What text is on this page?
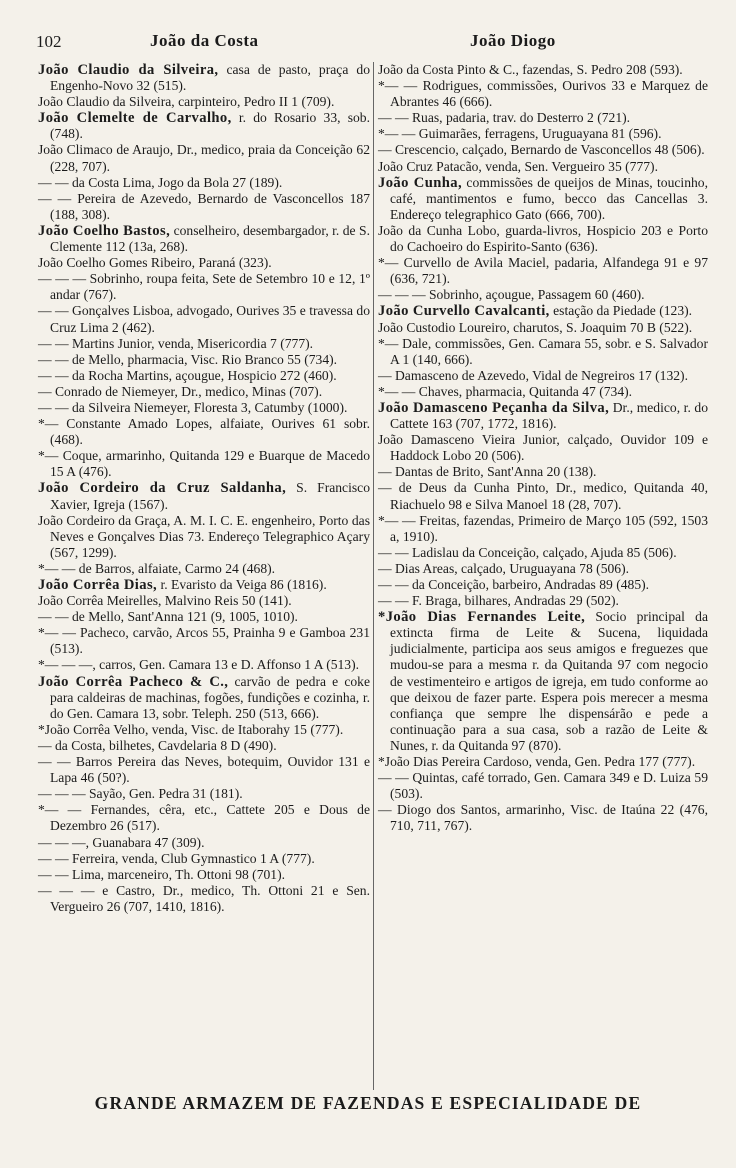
102	João da Costa	João Diogo

João Claudio da Silveira, casa de pasto, praça do Engenho-Novo 32 (515).

João Claudio da Silveira, carpinteiro, Pedro II 1 (709).

João Clemelte de Carvalho, r. do Rosario 33, sob. (748).

João Climaco de Araujo, Dr., medico, praia da Conceição 62 (228, 707).

— — da Costa Lima, Jogo da Bola 27 (189).

— — Pereira de Azevedo, Bernardo de Vasconcellos 187 (188, 308).

João Coelho Bastos, conselheiro, desembargador, r. de S. Clemente 112 (13a, 268).

João Coelho Gomes Ribeiro, Paraná (323).

— — — Sobrinho, roupa feita, Sete de Setembro 10 e 12, 1º andar (767).

— — Gonçalves Lisboa, advogado, Ourives 35 e travessa do Cruz Lima 2 (462).

— — Martins Junior, venda, Misericordia 7 (777).

— — de Mello, pharmacia, Visc. Rio Branco 55 (734).

— — da Rocha Martins, açougue, Hospicio 272 (460).

— Conrado de Niemeyer, Dr., medico, Minas (707).

— — da Silveira Niemeyer, Floresta 3, Catumby (1000).

*— Constante Amado Lopes, alfaiate, Ourives 61 sobr. (468).

*— Coque, armarinho, Quitanda 129 e Buarque de Macedo 15 A (476).

João Cordeiro da Cruz Saldanha, S. Francisco Xavier, Igreja (1567).

João Cordeiro da Graça, A. M. I. C. E. engenheiro, Porto das Neves e Gonçalves Dias 73. Endereço Telegraphico Açary (567, 1299).

*— — de Barros, alfaiate, Carmo 24 (468).

João Corrêa Dias, r. Evaristo da Veiga 86 (1816).

João Corrêa Meirelles, Malvino Reis 50 (141).

— — de Mello, Sant'Anna 121 (9, 1005, 1010).

*— — Pacheco, carvão, Arcos 55, Prainha 9 e Gamboa 231 (513).

*— — —, carros, Gen. Camara 13 e D. Affonso 1 A (513).

João Corrêa Pacheco & C., carvão de pedra e coke para caldeiras de machinas, fogões, fundições e cozinha, r. do Gen. Camara 13, sobr. Teleph. 250 (513, 666).

*João Corrêa Velho, venda, Visc. de Itaborahy 15 (777).

— da Costa, bilhetes, Cavdelaria 8 D (490).

— — Barros Pereira das Neves, botequim, Ouvidor 131 e Lapa 46 (50?).

— — — Sayão, Gen. Pedra 31 (181).

*— — Fernandes, cêra, etc., Cattete 205 e Dous de Dezembro 26 (517).

— — —, Guanabara 47 (309).

— — Ferreira, venda, Club Gymnastico 1 A (777).

— — Lima, marceneiro, Th. Ottoni 98 (701).

— — — e Castro, Dr., medico, Th. Ottoni 21 e Sen. Vergueiro 26 (707, 1410, 1816).

João da Costa Pinto & C., fazendas, S. Pedro 208 (593).

*— — Rodrigues, commissões, Ourivos 33 e Marquez de Abrantes 46 (666).

— — Ruas, padaria, trav. do Desterro 2 (721).

*— — Guimarães, ferragens, Uruguayana 81 (596).

— Crescencio, calçado, Bernardo de Vasconcellos 48 (506).

João Cruz Patacão, venda, Sen. Vergueiro 35 (777).

João Cunha, commissões de queijos de Minas, toucinho, café, mantimentos e fumo, becco das Cancellas 3. Endereço telegraphico Gato (666, 700).

João da Cunha Lobo, guarda-livros, Hospicio 203 e Porto do Cachoeiro do Espirito-Santo (636).

*— Curvello de Avila Maciel, padaria, Alfandega 91 e 97 (636, 721).

— — — Sobrinho, açougue, Passagem 60 (460).

João Curvello Cavalcanti, estação da Piedade (123).

João Custodio Loureiro, charutos, S. Joaquim 70 B (522).

*— Dale, commissões, Gen. Camara 55, sobr. e S. Salvador A 1 (140, 666).

— Damasceno de Azevedo, Vidal de Negreiros 17 (132).

*— — Chaves, pharmacia, Quitanda 47 (734).

João Damasceno Peçanha da Silva, Dr., medico, r. do Cattete 163 (707, 1772, 1816).

João Damasceno Vieira Junior, calçado, Ouvidor 109 e Haddock Lobo 20 (506).

— Dantas de Brito, Sant'Anna 20 (138).

— de Deus da Cunha Pinto, Dr., medico, Quitanda 40, Riachuelo 98 e Silva Manoel 18 (28, 707).

*— — Freitas, fazendas, Primeiro de Março 105 (592, 1503 a, 1910).

— — Ladislau da Conceição, calçado, Ajuda 85 (506).

— Dias Areas, calçado, Uruguayana 78 (506).

— — da Conceição, barbeiro, Andradas 89 (485).

— — F. Braga, bilhares, Andradas 29 (502).

*João Dias Fernandes Leite, Socio principal da extincta firma de Leite & Sucena, liquidada judicialmente, participa aos seus amigos e freguezes que mudou-se para a mesma r. da Quitanda 97 com negocio de vestimenteiro e artigos de igreja, em tudo conforme ao que deixou de fazer parte. Espera pois merecer a mesma confiança que sempre lhe dispensárão e pede a continuação para a sua casa, sob a razão de Leite & Nunes, r. da Quitanda 97 (870).

*João Dias Pereira Cardoso, venda, Gen. Pedra 177 (777).

— — Quintas, café torrado, Gen. Camara 349 e D. Luiza 59 (503).

— Diogo dos Santos, armarinho, Visc. de Itaúna 22 (476, 710, 711, 767).

GRANDE ARMAZEM DE FAZENDAS E ESPECIALIDADE DE
